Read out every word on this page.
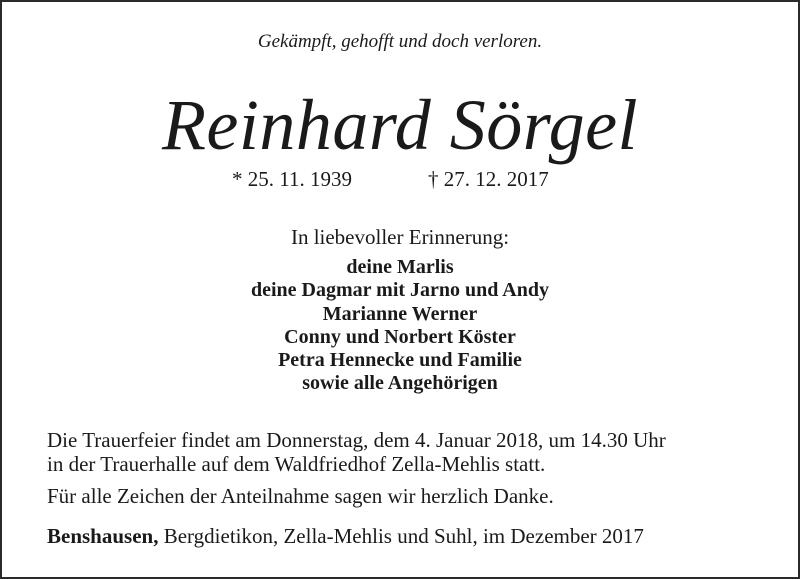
Gekämpft, gehofft und doch verloren.
Reinhard Sörgel
* 25. 11. 1939	† 27. 12. 2017
In liebevoller Erinnerung:
deine Marlis
deine Dagmar mit Jarno und Andy
Marianne Werner
Conny und Norbert Köster
Petra Hennecke und Familie
sowie alle Angehörigen
Die Trauerfeier findet am Donnerstag, dem 4. Januar 2018, um 14.30 Uhr
in der Trauerhalle auf dem Waldfriedhof Zella-Mehlis statt.
Für alle Zeichen der Anteilnahme sagen wir herzlich Danke.
Benshausen, Bergdietikon, Zella-Mehlis und Suhl, im Dezember 2017
